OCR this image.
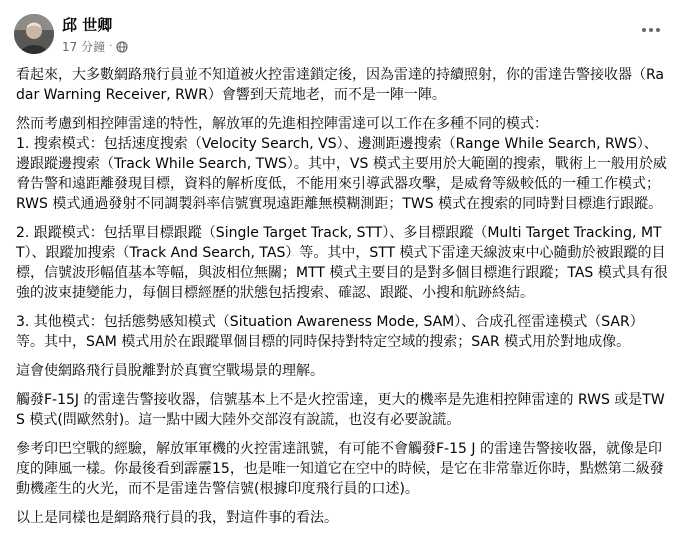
邱 世卿
17 分鐘 ·

看起來，大多數網路飛行員並不知道被火控雷達鎖定後，因為雷達的持續照射，你的雷達告警接收器（Radar Warning Receiver, RWR）會響到天荒地老，而不是一陣一陣。

然而考慮到相控陣雷達的特性，解放軍的先進相控陣雷達可以工作在多種不同的模式：
1. 搜索模式：包括速度搜索（Velocity Search, VS）、邊測距邊搜索（Range While Search, RWS）、邊跟蹤邊搜索（Track While Search, TWS）。其中，VS 模式主要用於大範圍的搜索，戰術上一般用於威脅告警和遠距離發現目標，資料的解析度低，不能用來引導武器攻擊，是威脅等級較低的一種工作模式；RWS 模式通過發射不同調製斜率信號實現遠距離無模糊測距；TWS 模式在搜索的同時對目標進行跟蹤。

2. 跟蹤模式：包括單目標跟蹤（Single Target Track, STT）、多目標跟蹤（Multi Target Tracking, MTT）、跟蹤加搜索（Track And Search, TAS）等。其中，STT 模式下雷達天線波束中心隨動於被跟蹤的目標，信號波形幅值基本等幅，與波相位無關；MTT 模式主要目的是對多個目標進行跟蹤；TAS 模式具有很強的波束捷變能力，每個目標經歷的狀態包括搜索、確認、跟蹤、小搜和航跡終結。

3. 其他模式：包括態勢感知模式（Situation Awareness Mode, SAM）、合成孔徑雷達模式（SAR）等。其中，SAM 模式用於在跟蹤單個目標的同時保持對特定空域的搜索；SAR 模式用於對地成像。

這會使網路飛行員脫離對於真實空戰場景的理解。

觸發F-15J 的雷達告警接收器，信號基本上不是火控雷達，更大的機率是先進相控陣雷達的 RWS 或是TWS 模式(問歐然射)。這一點中國大陸外交部沒有說謊，也沒有必要說謊。

參考印巴空戰的經驗，解放軍軍機的火控雷達訊號，有可能不會觸發F-15 J 的雷達告警接收器，就像是印度的陣風一樣。你最後看到霹靂15，也是唯一知道它在空中的時候，是它在非常靠近你時，點燃第二級發動機產生的火光，而不是雷達告警信號(根據印度飛行員的口述)。

以上是同樣也是網路飛行員的我，對這件事的看法。
